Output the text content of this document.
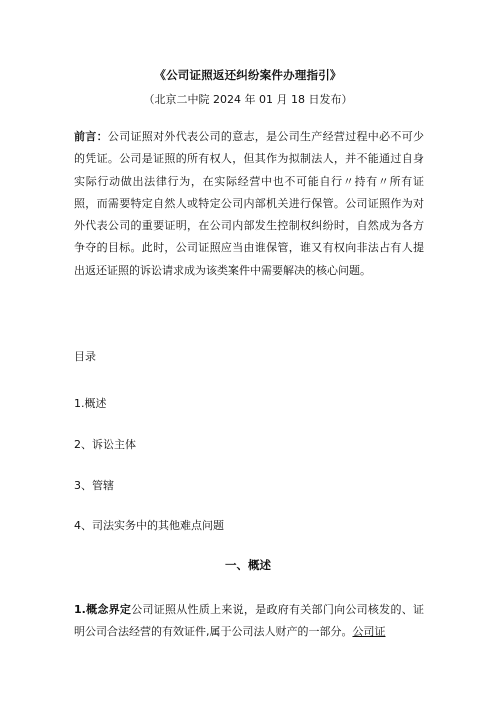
《公司证照返还纠纷案件办理指引》
（北京二中院 2024 年 01 月 18 日发布）
前言：公司证照对外代表公司的意志，是公司生产经营过程中必不可少的凭证。公司是证照的所有权人，但其作为拟制法人，并不能通过自身实际行动做出法律行为，在实际经营中也不可能自行〃持有〃所有证照，而需要特定自然人或特定公司内部机关进行保管。公司证照作为对外代表公司的重要证明，在公司内部发生控制权纠纷时，自然成为各方争夺的目标。此时，公司证照应当由谁保管，谁又有权向非法占有人提出返还证照的诉讼请求成为该类案件中需要解决的核心问题。
目录
1.概述
2、诉讼主体
3、管辖
4、司法实务中的其他难点问题
一、概述
1.概念界定公司证照从性质上来说，是政府有关部门向公司核发的、证明公司合法经营的有效证件,属于公司法人财产的一部分。公司证
